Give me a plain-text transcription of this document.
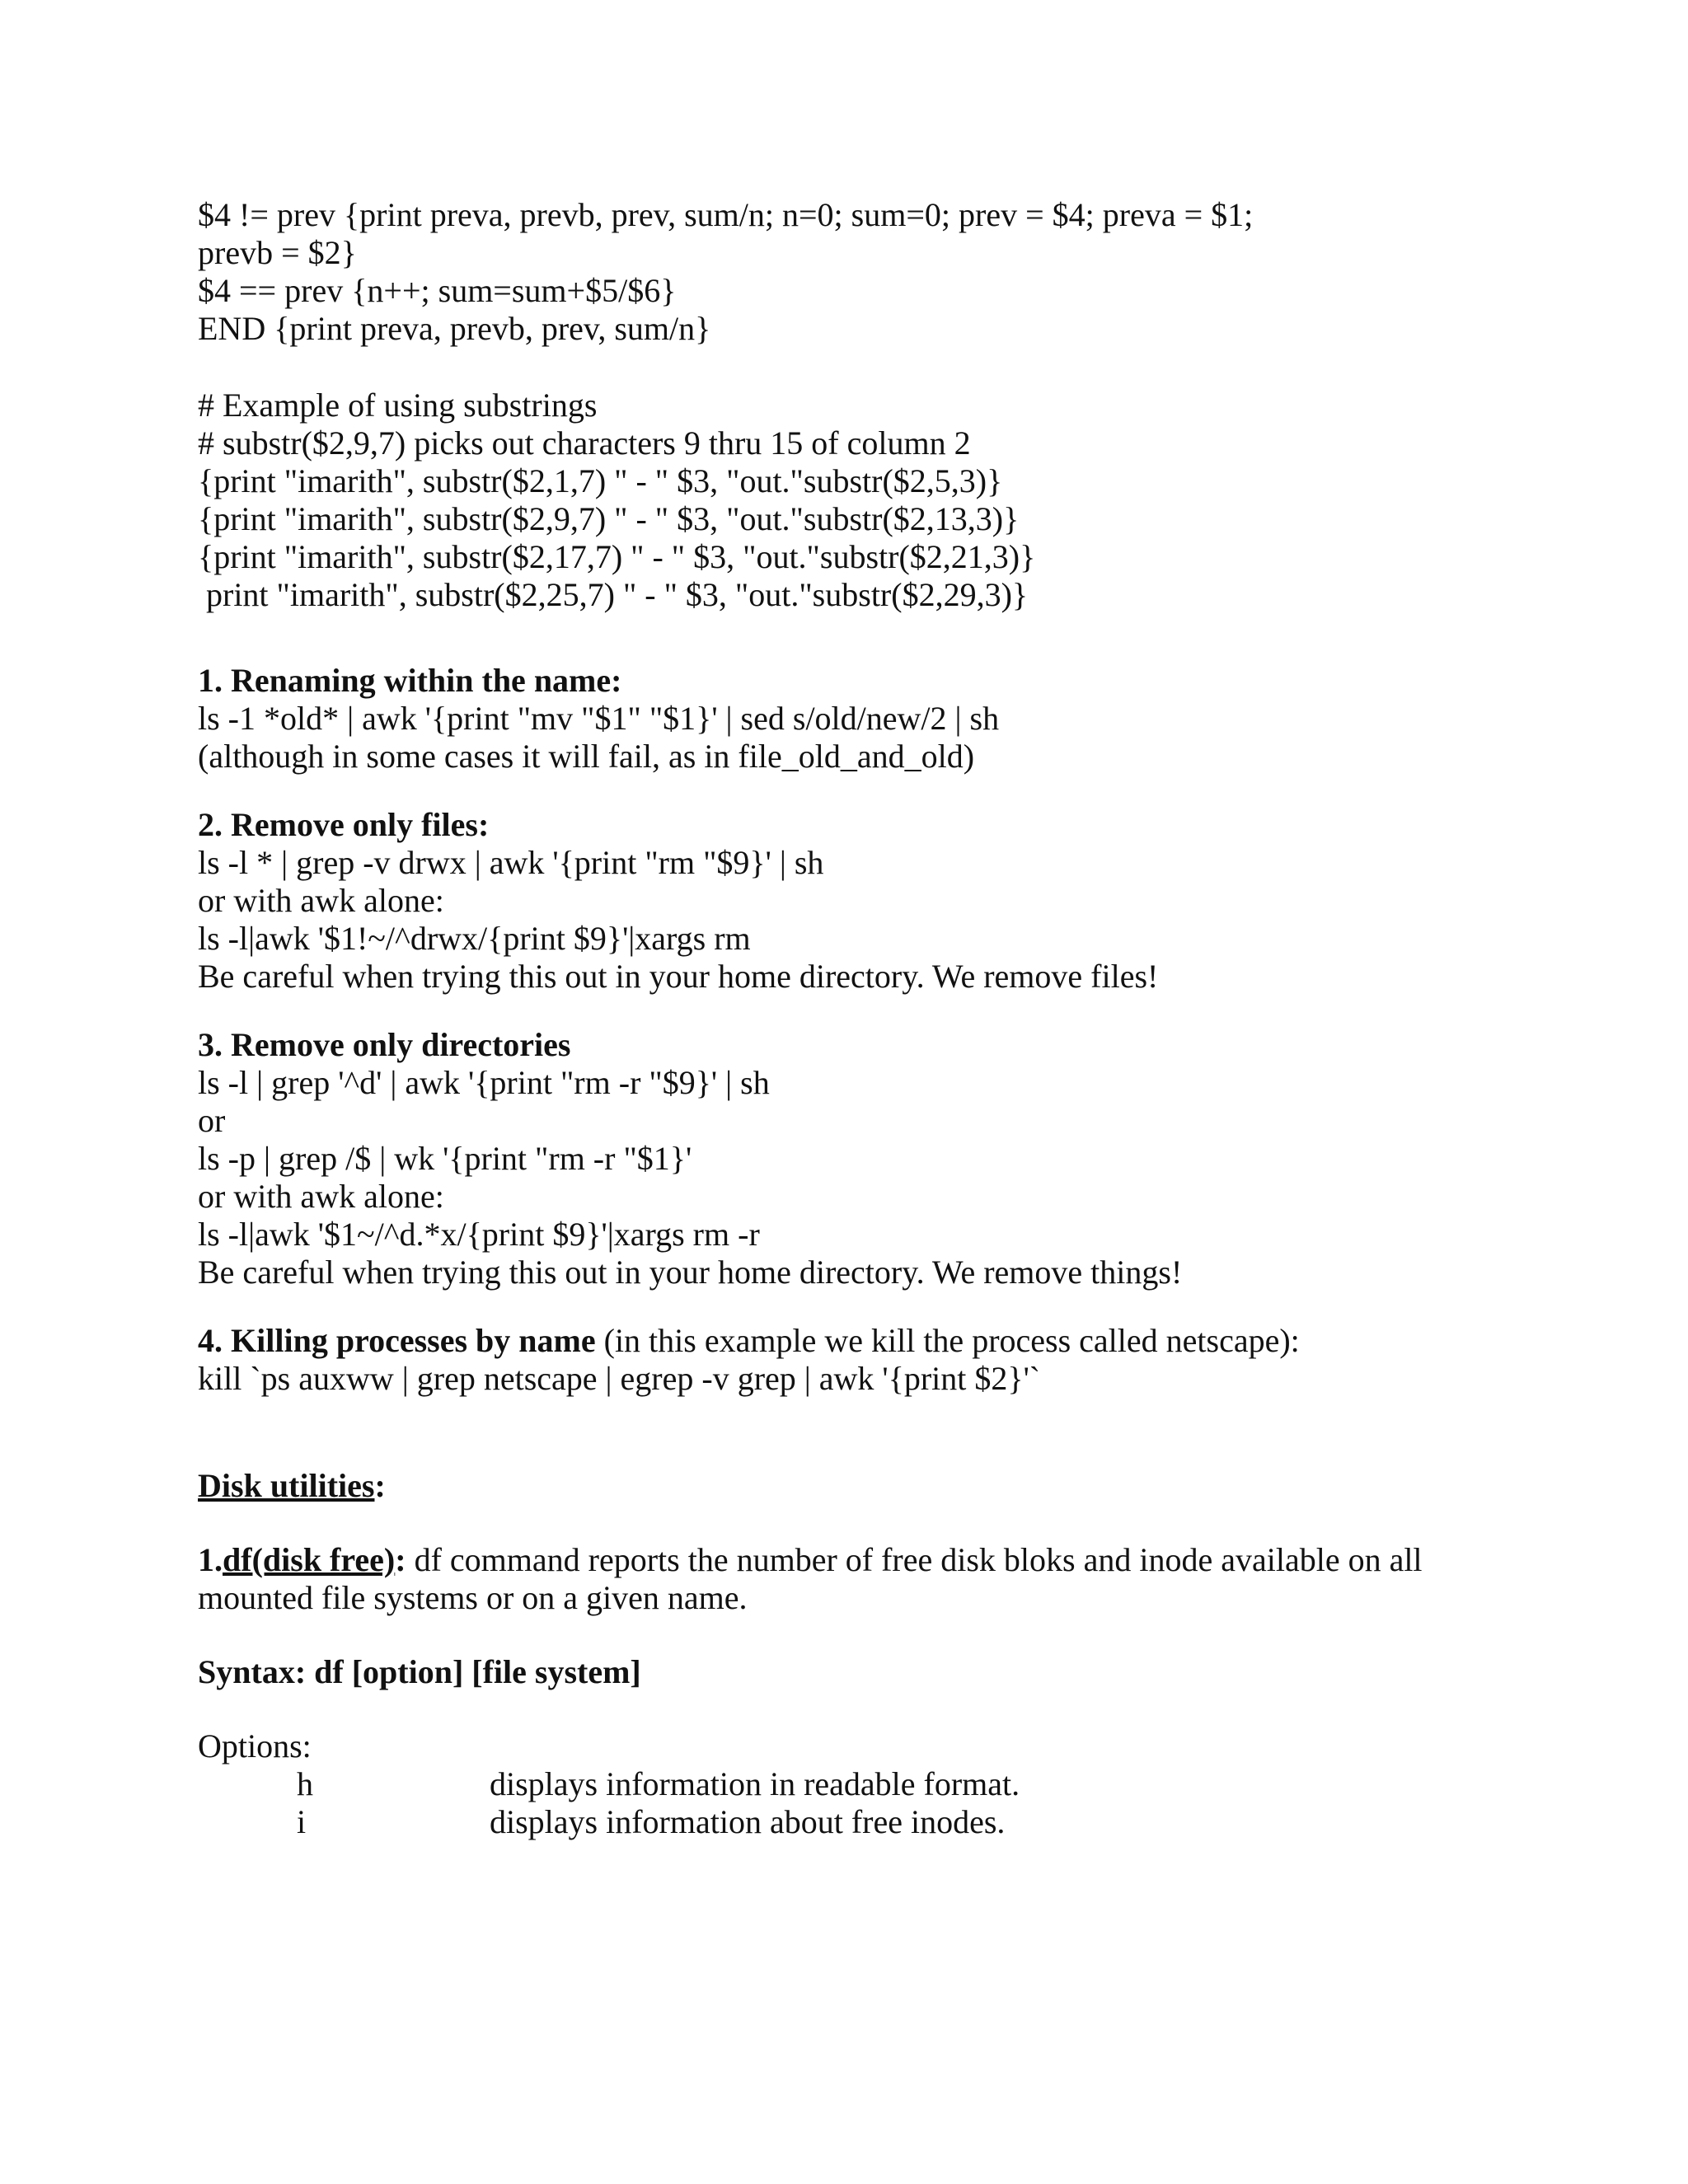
$4 != prev {print preva, prevb, prev, sum/n; n=0; sum=0; prev = $4; preva = $1;
prevb = $2}
$4 == prev {n++; sum=sum+$5/$6}
END {print preva, prevb, prev, sum/n}
# Example of using substrings
# substr($2,9,7) picks out characters 9 thru 15 of column 2
{print "imarith", substr($2,1,7) " - " $3, "out."substr($2,5,3)}
{print "imarith", substr($2,9,7) " - " $3, "out."substr($2,13,3)}
{print "imarith", substr($2,17,7) " - " $3, "out."substr($2,21,3)}
print "imarith", substr($2,25,7) " - " $3, "out."substr($2,29,3)}
1. Renaming within the name:
ls -1 *old* | awk '{print "mv "$1" "$1}' | sed s/old/new/2 | sh
(although in some cases it will fail, as in file_old_and_old)
2. Remove only files:
ls -l * | grep -v drwx | awk '{print "rm "$9}' | sh
or with awk alone:
ls -l|awk '$1!~/^drwx/{print $9}'|xargs rm
Be careful when trying this out in your home directory. We remove files!
3. Remove only directories
ls -l | grep '^d' | awk '{print "rm -r "$9}' | sh
or
ls -p | grep /$ | wk '{print "rm -r "$1}'
or with awk alone:
ls -l|awk '$1~/^d.*x/{print $9}'|xargs rm -r
Be careful when trying this out in your home directory. We remove things!
4. Killing processes by name (in this example we kill the process called netscape):
kill `ps auxww | grep netscape | egrep -v grep | awk '{print $2}'`
Disk utilities:
1.df(disk free): df command reports the number of free disk bloks and inode available on all
mounted file systems or on a given name.
Syntax: df [option] [file system]
Options:
h	displays information in readable format.
i	displays information about free inodes.
